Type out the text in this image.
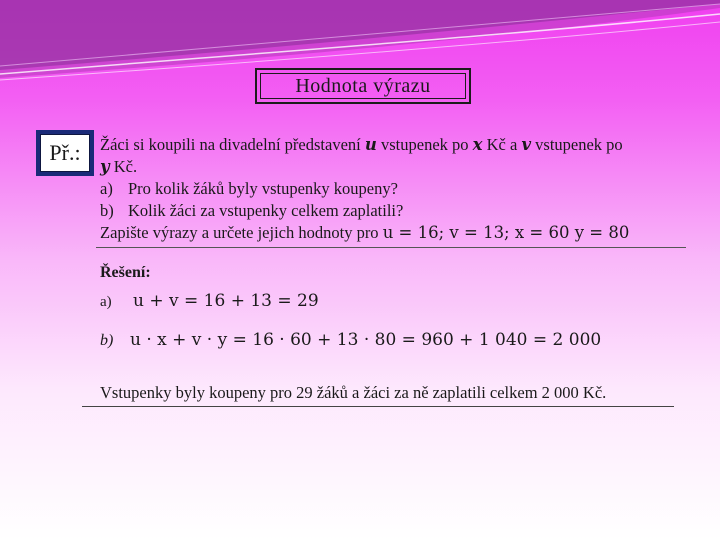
Hodnota výrazu
Př.: Žáci si koupili na divadelní představení u vstupenek po x Kč a v vstupenek po
y Kč.
a) Pro kolik žáků byly vstupenky koupeny?
b) Kolik žáci za vstupenky celkem zaplatili?
Zapište výrazy a určete jejich hodnoty pro u = 16; v = 13; x = 60 y = 80
Řešení:
a) u + v = 16 + 13 = 29
b) u · x + v · y = 16 · 60 + 13 · 80 = 960 + 1 040 = 2 000
Vstupenky byly koupeny pro 29 žáků a žáci za ně zaplatili celkem 2 000 Kč.
